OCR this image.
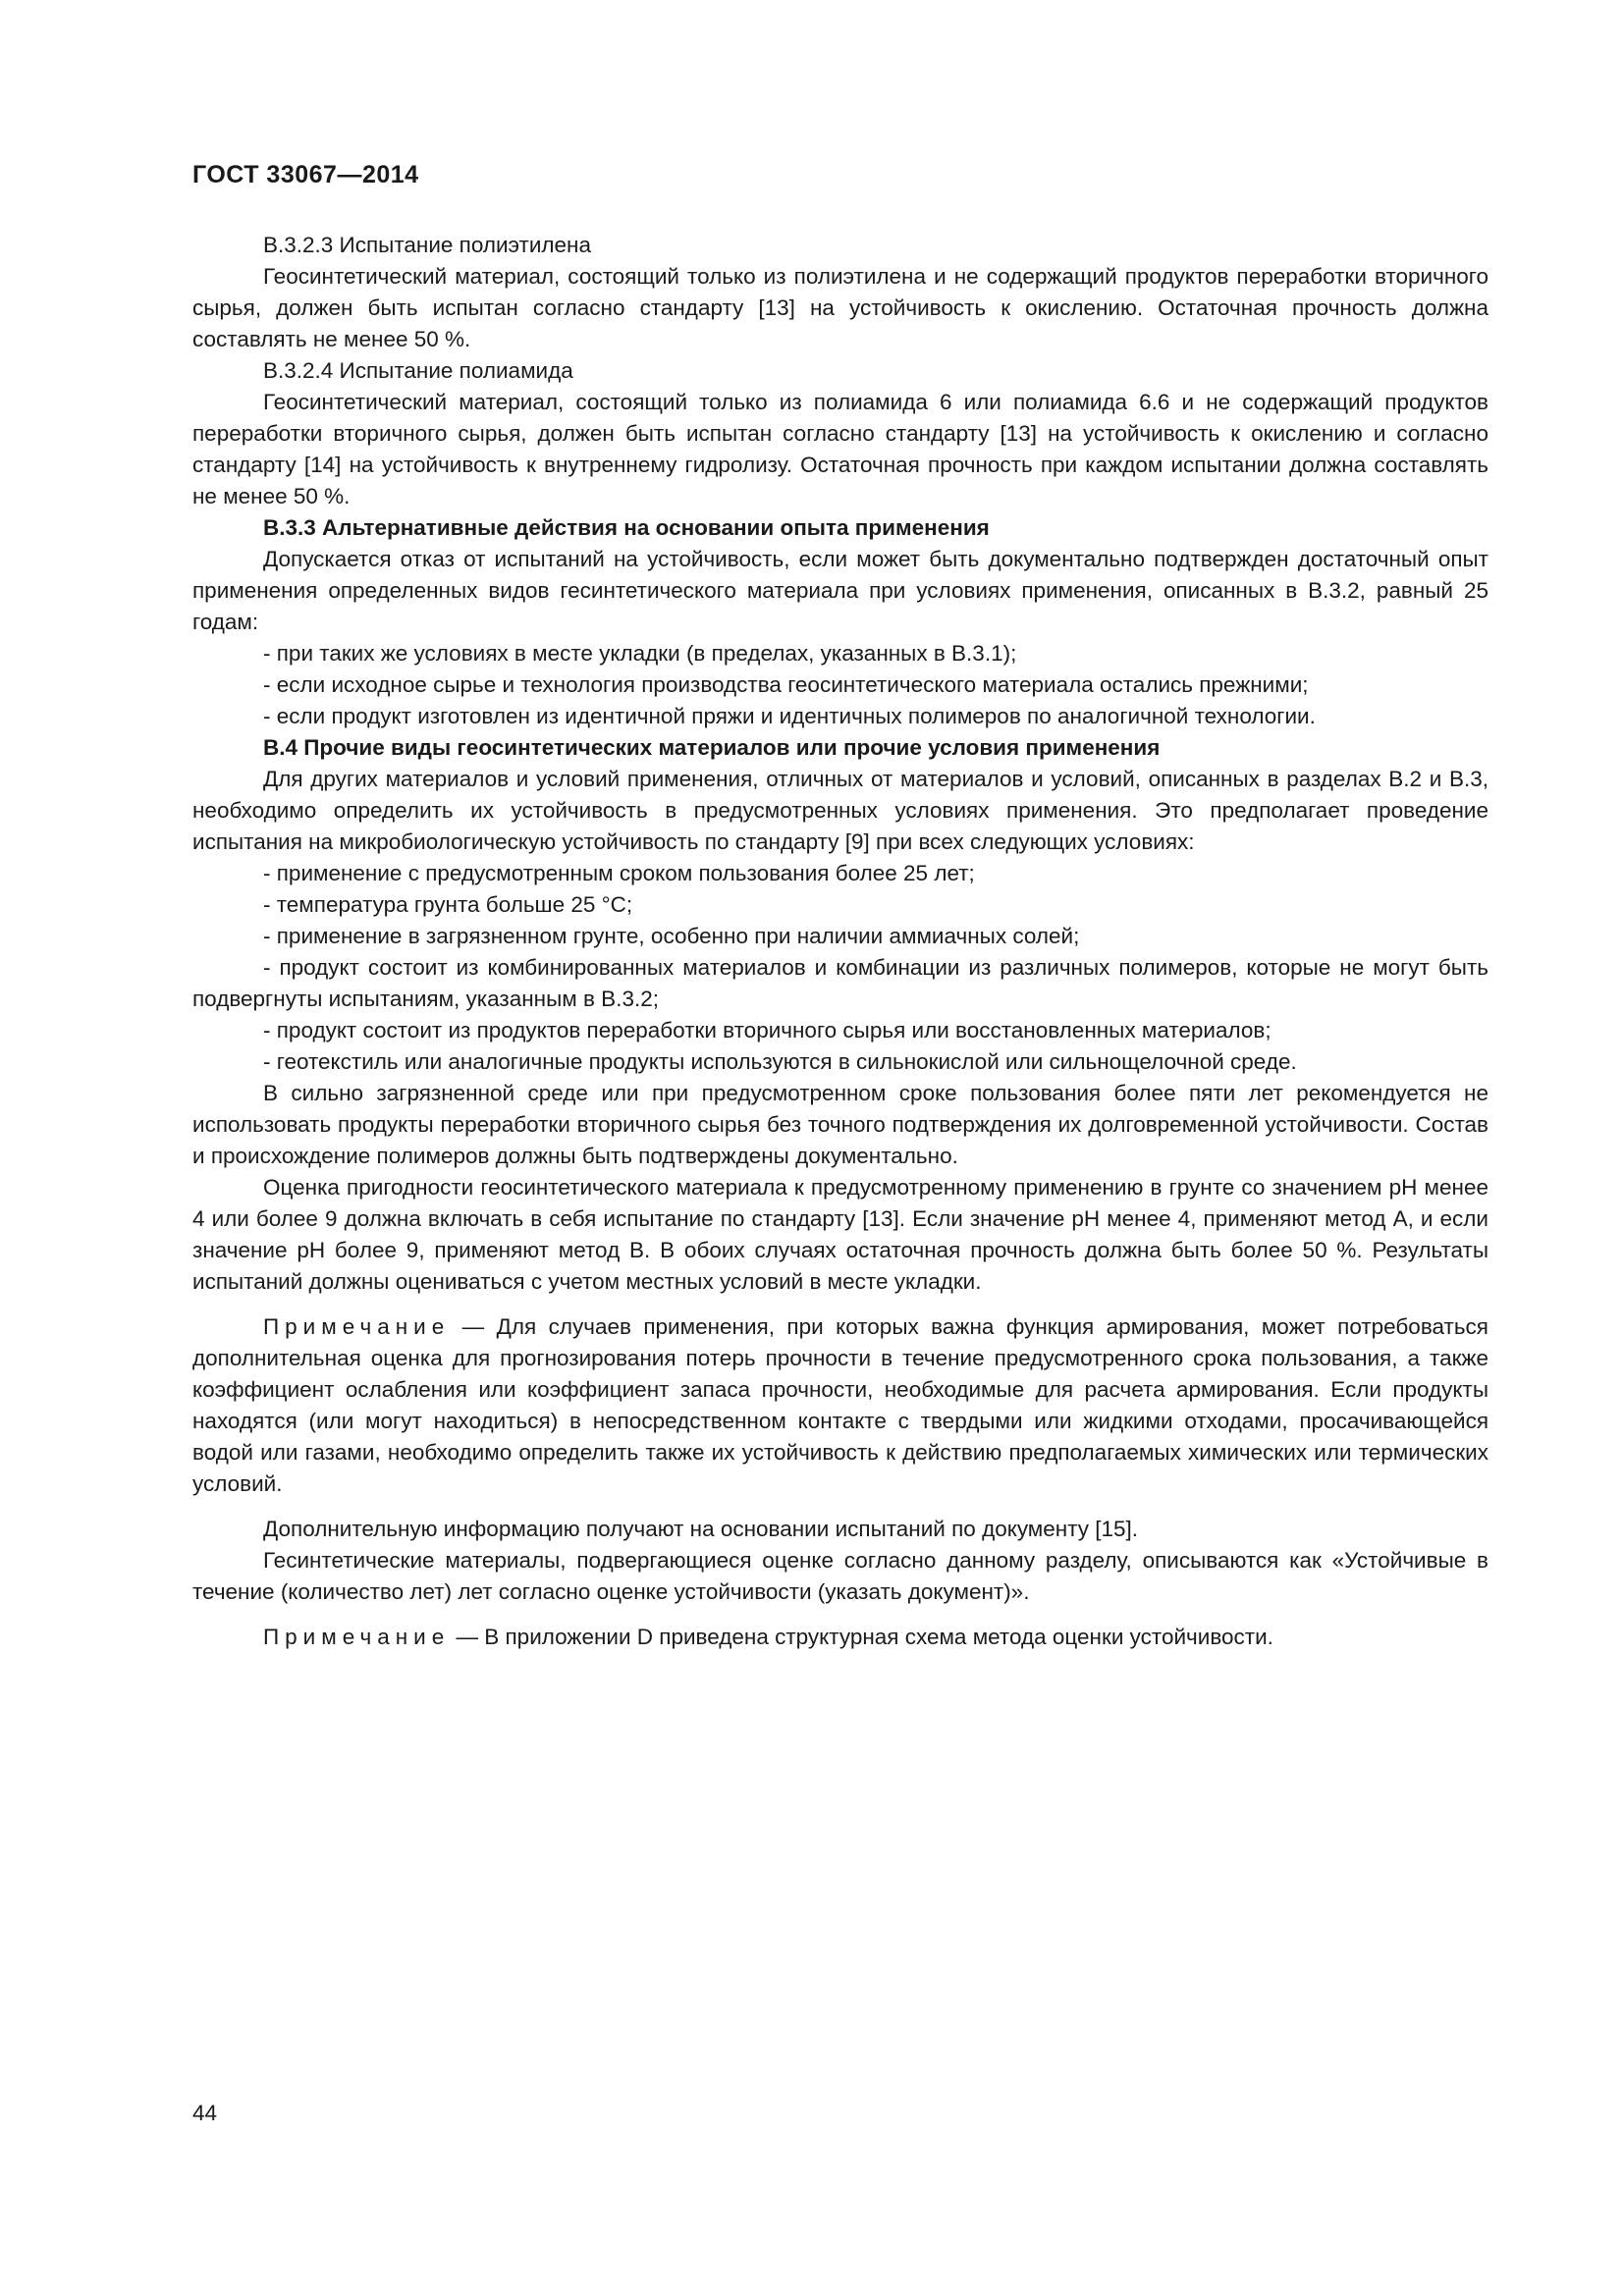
ГОСТ 33067—2014

В.3.2.3 Испытание полиэтилена

Геосинтетический материал, состоящий только из полиэтилена и не содержащий продуктов переработки вторичного сырья, должен быть испытан согласно стандарту [13] на устойчивость к окислению. Остаточная прочность должна составлять не менее 50 %.

В.3.2.4 Испытание полиамида

Геосинтетический материал, состоящий только из полиамида 6 или полиамида 6.6 и не содержащий продуктов переработки вторичного сырья, должен быть испытан согласно стандарту [13] на устойчивость к окислению и согласно стандарту [14] на устойчивость к внутреннему гидролизу. Остаточная прочность при каждом испытании должна составлять не менее 50 %.

В.3.3 Альтернативные действия на основании опыта применения

Допускается отказ от испытаний на устойчивость, если может быть документально подтвержден достаточный опыт применения определенных видов гесинтетического материала при условиях применения, описанных в В.3.2, равный 25 годам:

- при таких же условиях в месте укладки (в пределах, указанных в В.3.1);

- если исходное сырье и технология производства геосинтетического материала остались прежними;

- если продукт изготовлен из идентичной пряжи и идентичных полимеров по аналогичной технологии.

В.4 Прочие виды геосинтетических материалов или прочие условия применения

Для других материалов и условий применения, отличных от материалов и условий, описанных в разделах В.2 и В.3, необходимо определить их устойчивость в предусмотренных условиях применения. Это предполагает проведение испытания на микробиологическую устойчивость по стандарту [9] при всех следующих условиях:

- применение с предусмотренным сроком пользования более 25 лет;

- температура грунта больше 25 °С;

- применение в загрязненном грунте, особенно при наличии аммиачных солей;

- продукт состоит из комбинированных материалов и комбинации из различных полимеров, которые не могут быть подвергнуты испытаниям, указанным в В.3.2;

- продукт состоит из продуктов переработки вторичного сырья или восстановленных материалов;

- геотекстиль или аналогичные продукты используются в сильнокислой или сильнощелочной среде.

В сильно загрязненной среде или при предусмотренном сроке пользования более пяти лет рекомендуется не использовать продукты переработки вторичного сырья без точного подтверждения их долговременной устойчивости. Состав и происхождение полимеров должны быть подтверждены документально.

Оценка пригодности геосинтетического материала к предусмотренному применению в грунте со значением pH менее 4 или более 9 должна включать в себя испытание по стандарту [13]. Если значение pH менее 4, применяют метод А, и если значение pH более 9, применяют метод В. В обоих случаях остаточная прочность должна быть более 50 %. Результаты испытаний должны оцениваться с учетом местных условий в месте укладки.

Примечание — Для случаев применения, при которых важна функция армирования, может потребоваться дополнительная оценка для прогнозирования потерь прочности в течение предусмотренного срока пользования, а также коэффициент ослабления или коэффициент запаса прочности, необходимые для расчета армирования. Если продукты находятся (или могут находиться) в непосредственном контакте с твердыми или жидкими отходами, просачивающейся водой или газами, необходимо определить также их устойчивость к действию предполагаемых химических или термических условий.

Дополнительную информацию получают на основании испытаний по документу [15].

Гесинтетические материалы, подвергающиеся оценке согласно данному разделу, описываются как «Устойчивые в течение (количество лет) лет согласно оценке устойчивости (указать документ)».

Примечание — В приложении D приведена структурная схема метода оценки устойчивости.

44
